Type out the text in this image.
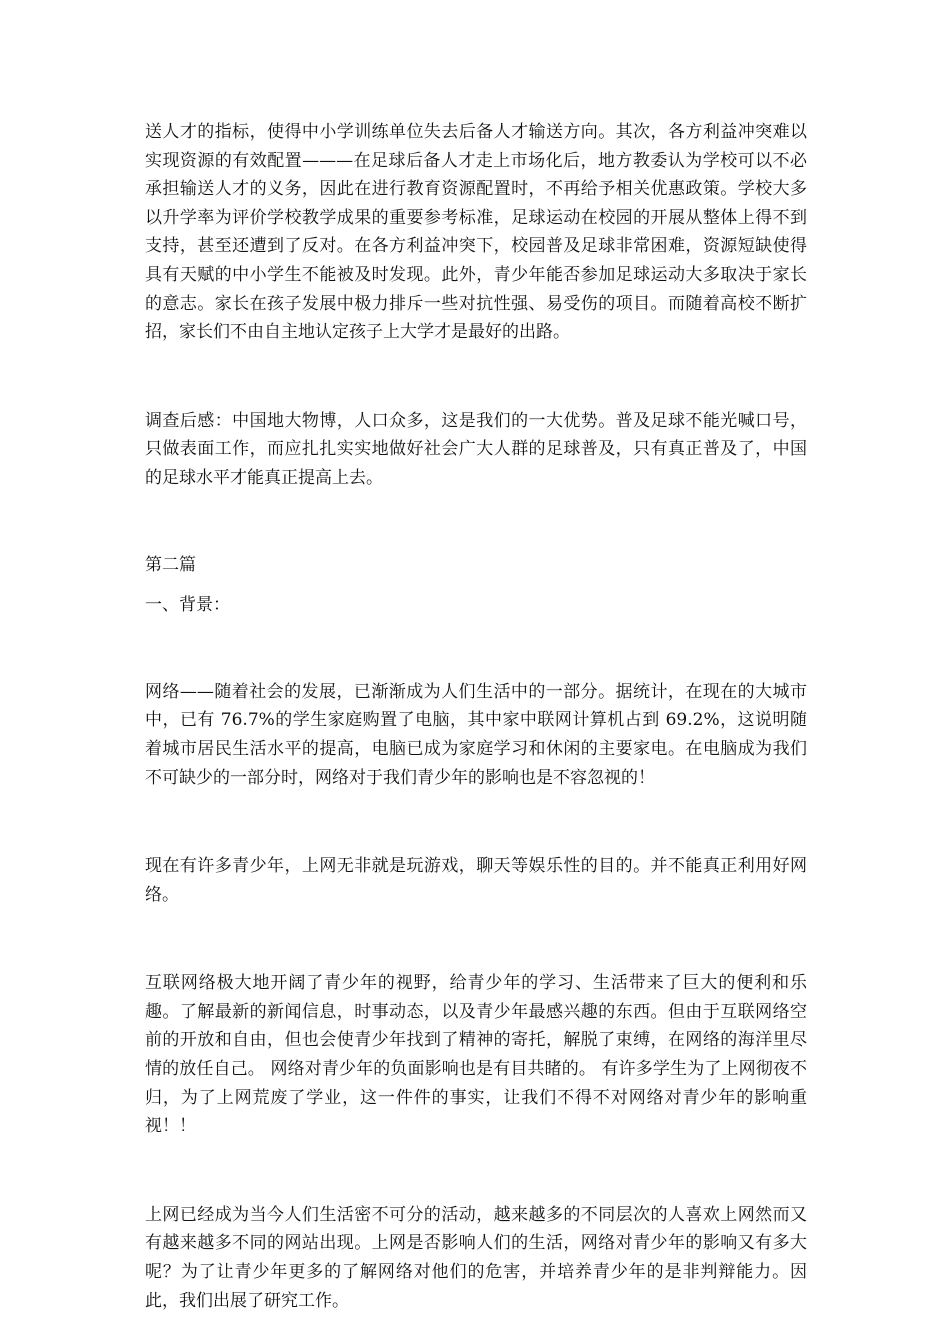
送人才的指标，使得中小学训练单位失去后备人才输送方向。其次，各方利益冲突难以实现资源的有效配置———在足球后备人才走上市场化后，地方教委认为学校可以不必承担输送人才的义务，因此在进行教育资源配置时，不再给予相关优惠政策。学校大多以升学率为评价学校教学成果的重要参考标准，足球运动在校园的开展从整体上得不到支持，甚至还遭到了反对。在各方利益冲突下，校园普及足球非常困难，资源短缺使得具有天赋的中小学生不能被及时发现。此外，青少年能否参加足球运动大多取决于家长的意志。家长在孩子发展中极力排斥一些对抗性强、易受伤的项目。而随着高校不断扩招，家长们不由自主地认定孩子上大学才是最好的出路。

调查后感：中国地大物博，人口众多，这是我们的一大优势。普及足球不能光喊口号，只做表面工作，而应扎扎实实地做好社会广大人群的足球普及，只有真正普及了，中国的足球水平才能真正提高上去。

第二篇

一、背景：

网络——随着社会的发展，已渐渐成为人们生活中的一部分。据统计，在现在的大城市中，已有 76.7%的学生家庭购置了电脑，其中家中联网计算机占到 69.2%，这说明随着城市居民生活水平的提高，电脑已成为家庭学习和休闲的主要家电。在电脑成为我们不可缺少的一部分时，网络对于我们青少年的影响也是不容忽视的！

现在有许多青少年，上网无非就是玩游戏，聊天等娱乐性的目的。并不能真正利用好网络。

互联网络极大地开阔了青少年的视野，给青少年的学习、生活带来了巨大的便利和乐趣。了解最新的新闻信息，时事动态，以及青少年最感兴趣的东西。但由于互联网络空前的开放和自由，但也会使青少年找到了精神的寄托，解脱了束缚，在网络的海洋里尽情的放任自己。 网络对青少年的负面影响也是有目共睹的。 有许多学生为了上网彻夜不归，为了上网荒废了学业，这一件件的事实，让我们不得不对网络对青少年的影响重视！！

上网已经成为当今人们生活密不可分的活动，越来越多的不同层次的人喜欢上网然而又有越来越多不同的网站出现。上网是否影响人们的生活，网络对青少年的影响又有多大呢？为了让青少年更多的了解网络对他们的危害，并培养青少年的是非判辩能力。因此，我们出展了研究工作。
